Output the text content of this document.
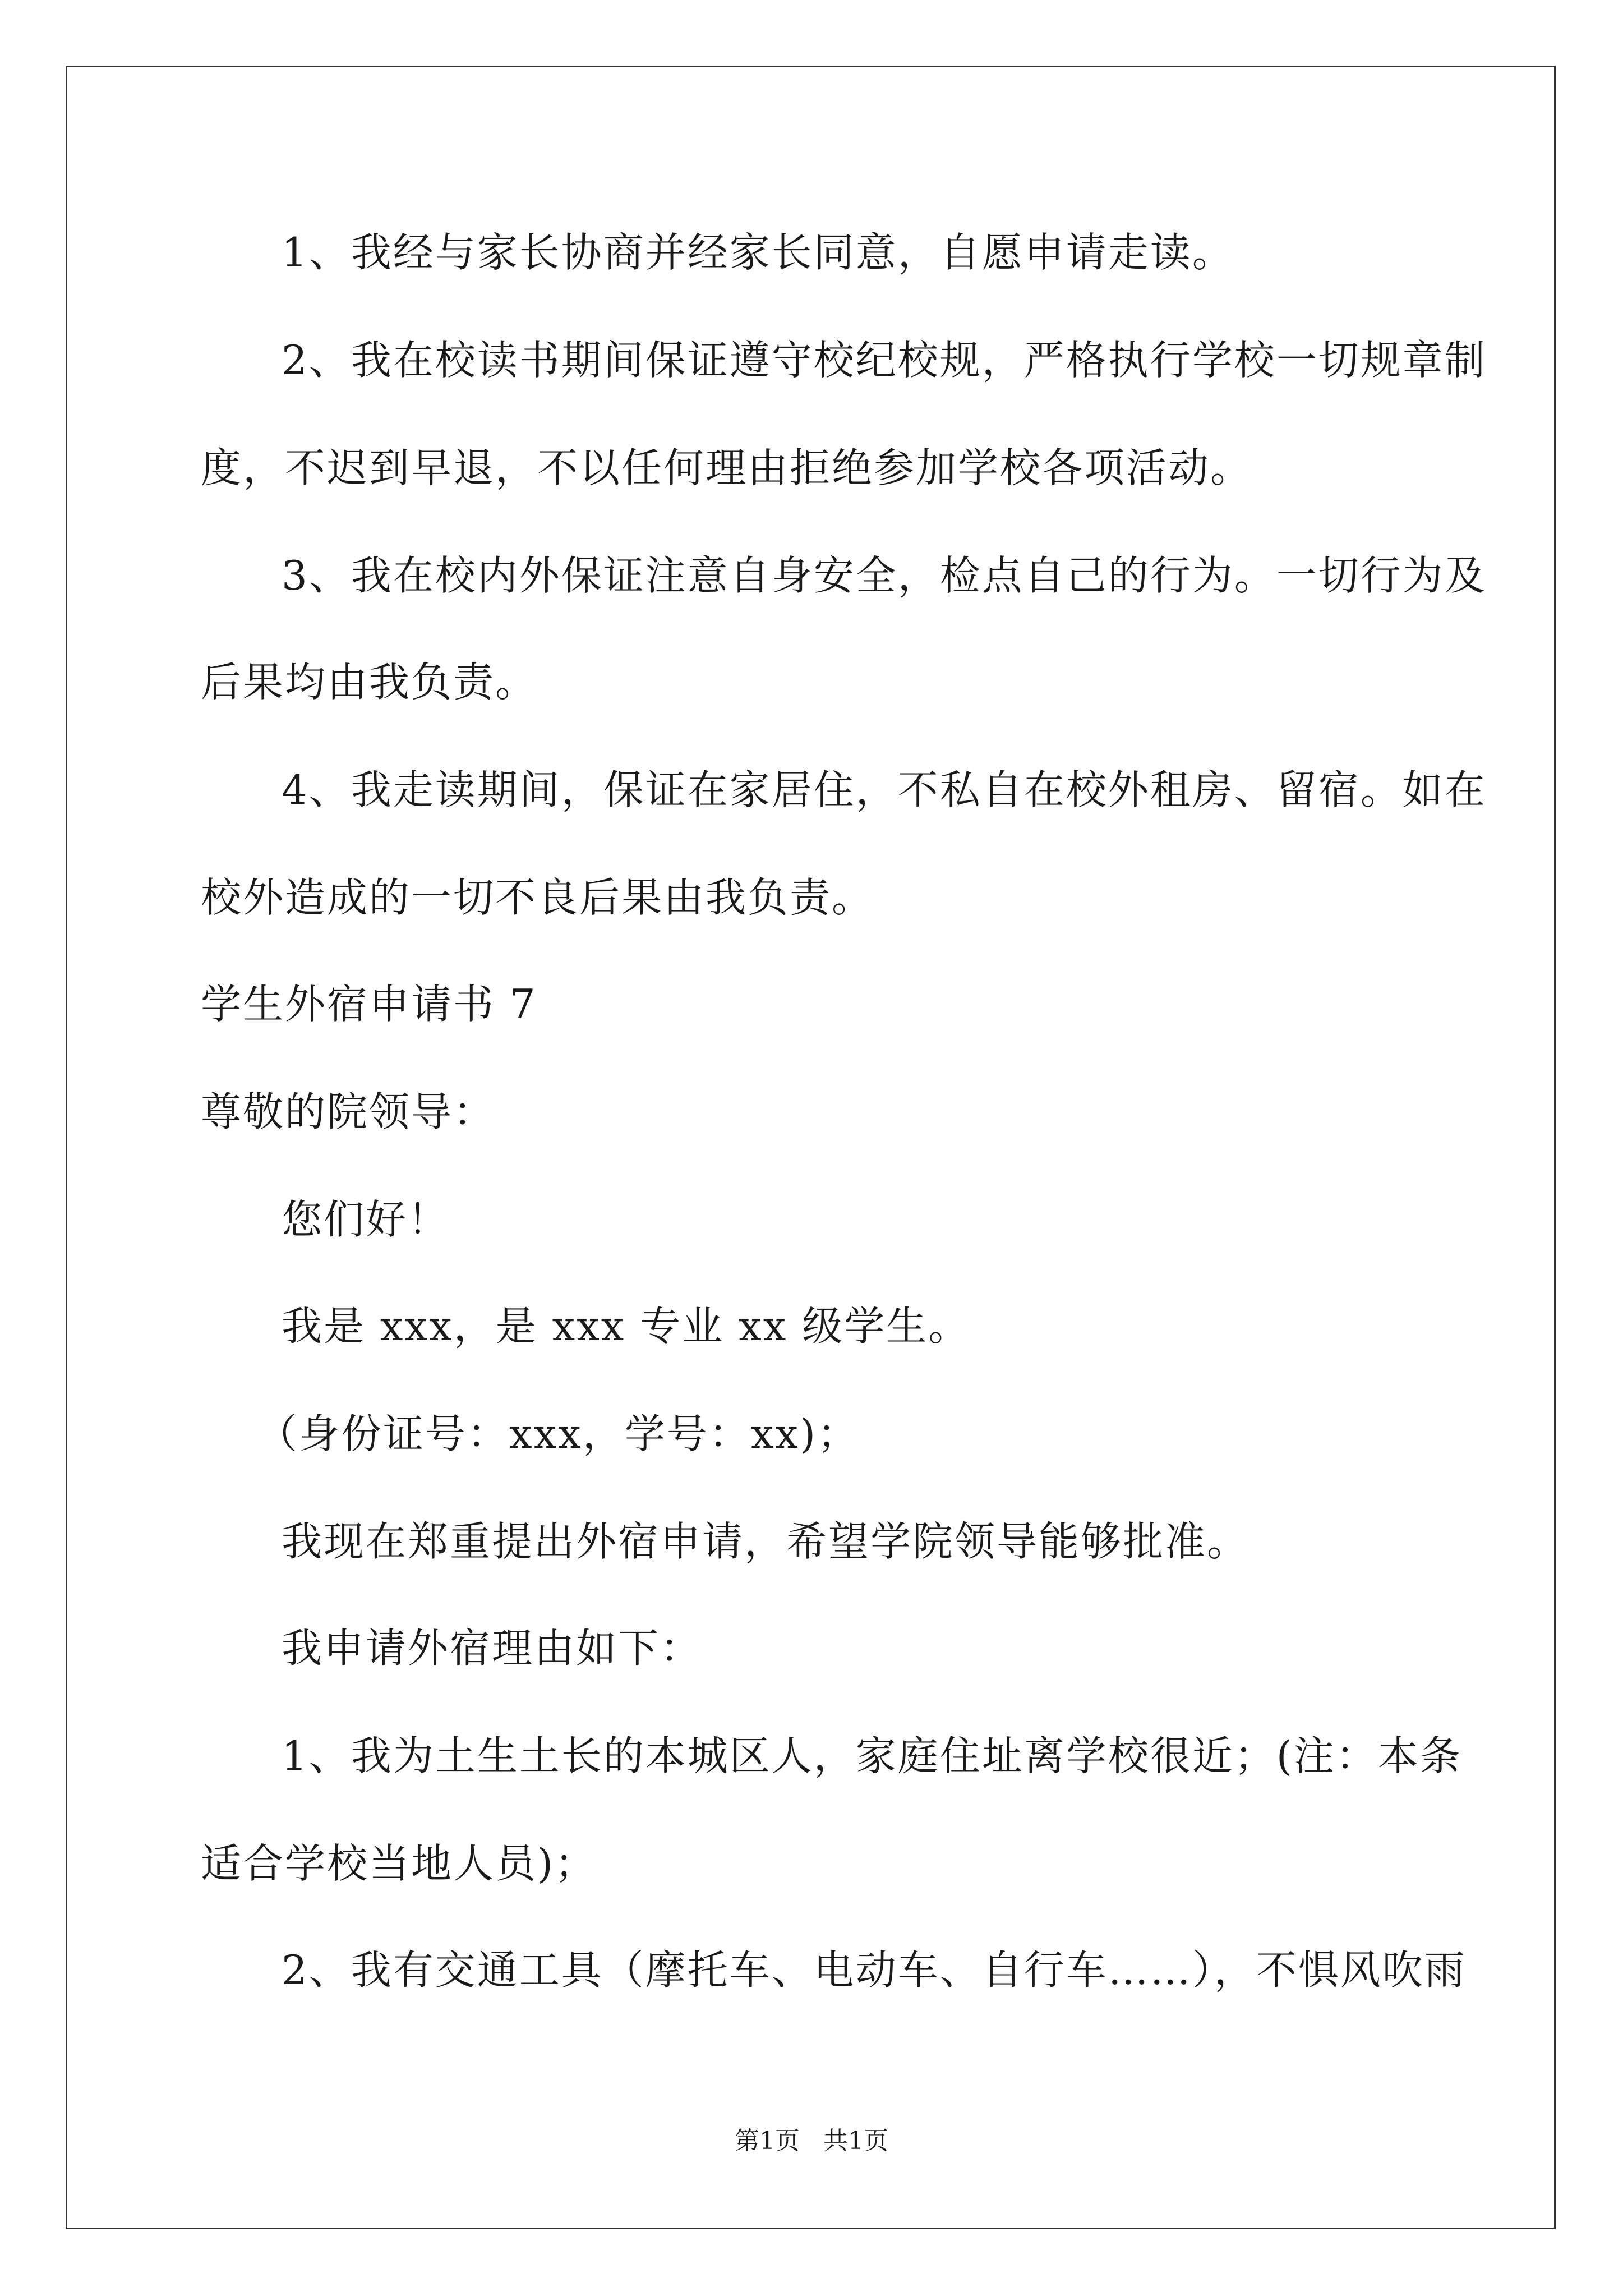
1、我经与家长协商并经家长同意，自愿申请走读。
2、我在校读书期间保证遵守校纪校规，严格执行学校一切规章制
度，不迟到早退，不以任何理由拒绝参加学校各项活动。
3、我在校内外保证注意自身安全，检点自己的行为。一切行为及
后果均由我负责。
4、我走读期间，保证在家居住，不私自在校外租房、留宿。如在
校外造成的一切不良后果由我负责。
学生外宿申请书 7
尊敬的院领导：
您们好！
我是 xxx，是 xxx 专业 xx 级学生。
（身份证号：xxx，学号：xx)；
我现在郑重提出外宿申请，希望学院领导能够批准。
我申请外宿理由如下：
1、我为土生土长的本城区人，家庭住址离学校很近；(注：本条
适合学校当地人员)；
2、我有交通工具（摩托车、电动车、自行车……），不惧风吹雨
第1页   共1页
